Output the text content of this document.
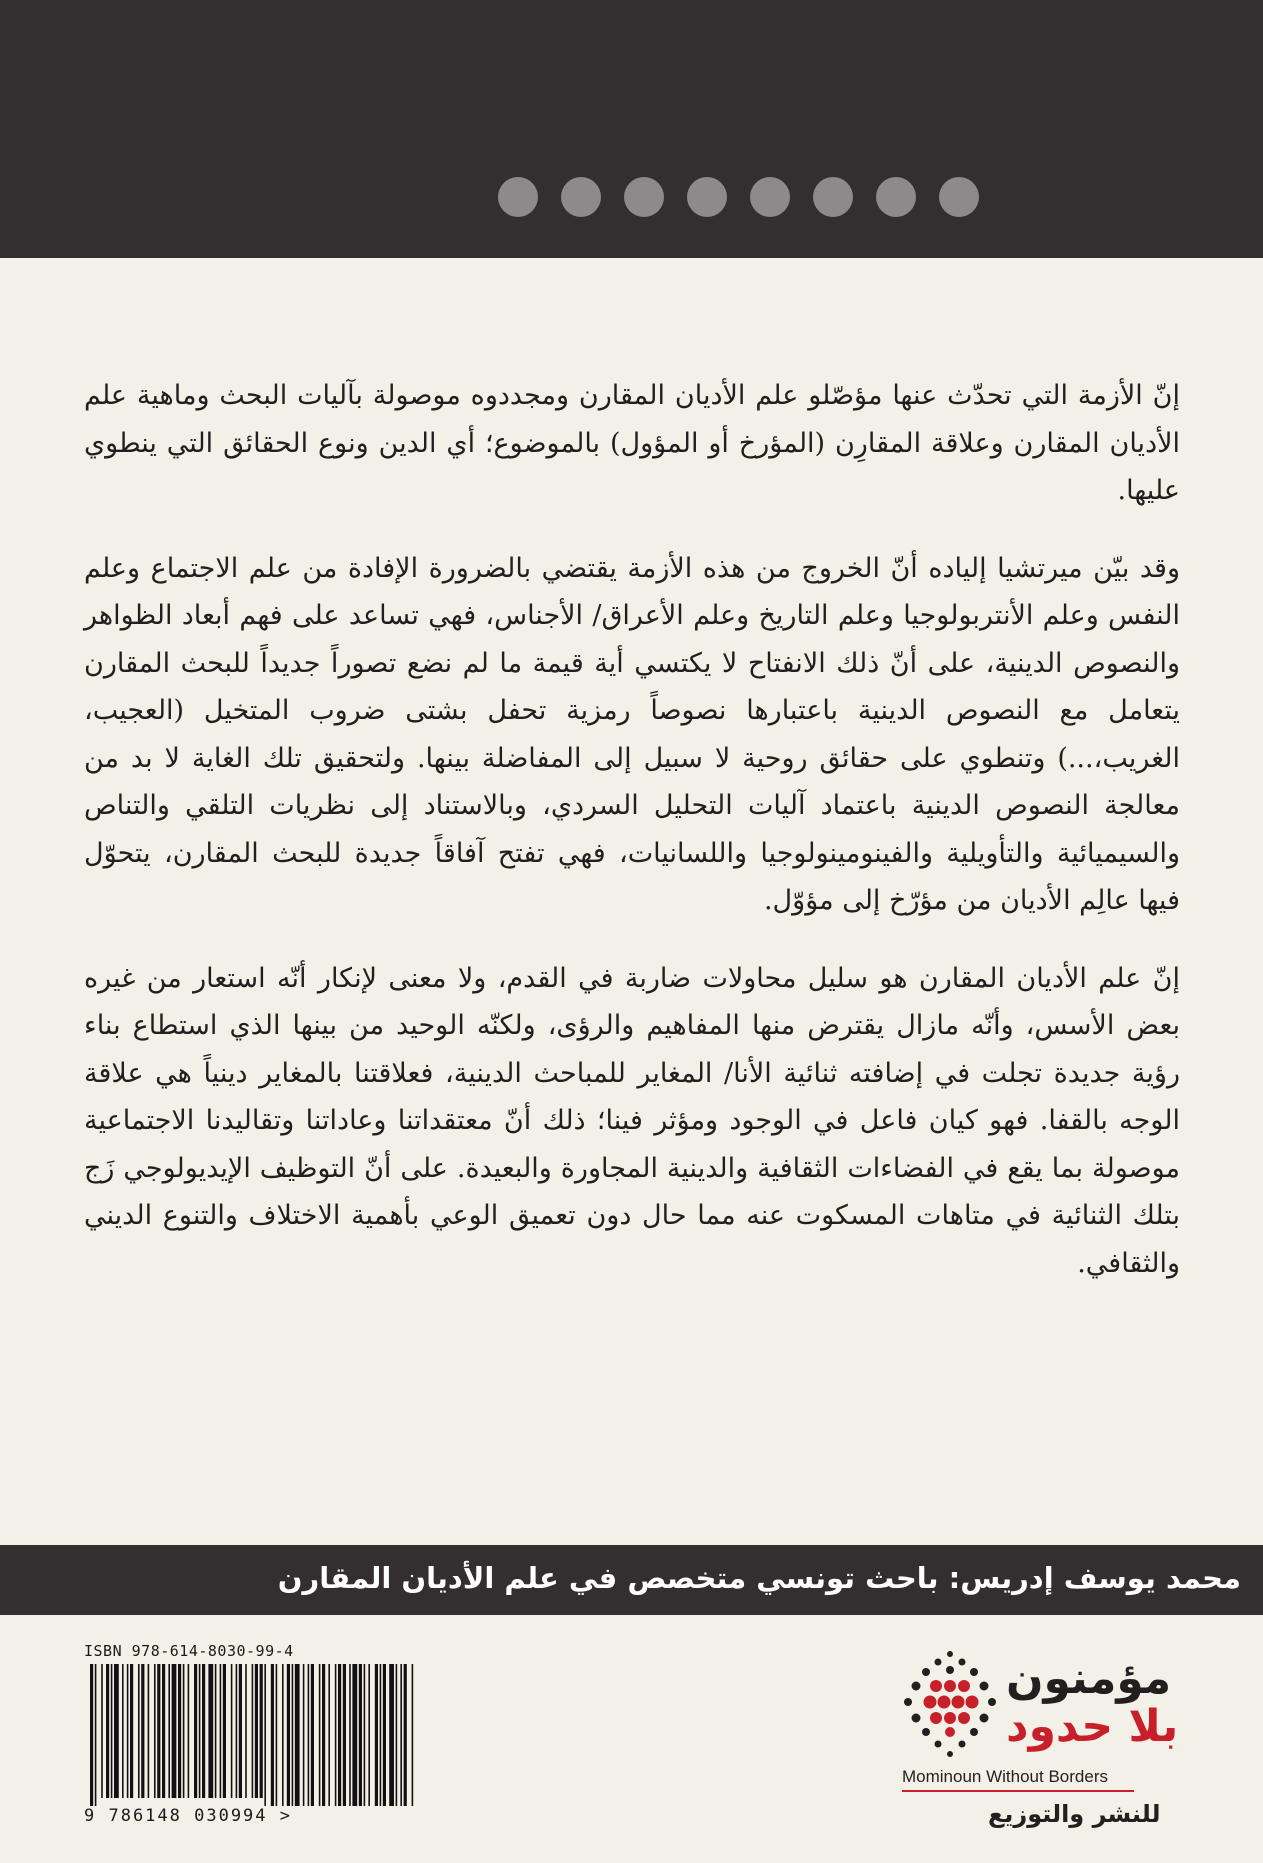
إنّ الأزمة التي تحدّث عنها مؤصّلو علم الأديان المقارن ومجددوه موصولة بآليات البحث وماهية علم الأديان المقارن وعلاقة المقارِن (المؤرخ أو المؤول) بالموضوع؛ أي الدين ونوع الحقائق التي ينطوي عليها.

وقد بيّن ميرتشيا إلياده أنّ الخروج من هذه الأزمة يقتضي بالضرورة الإفادة من علم الاجتماع وعلم النفس وعلم الأنتربولوجيا وعلم التاريخ وعلم الأعراق/ الأجناس، فهي تساعد على فهم أبعاد الظواهر والنصوص الدينية، على أنّ ذلك الانفتاح لا يكتسي أية قيمة ما لم نضع تصوراً جديداً للبحث المقارن يتعامل مع النصوص الدينية باعتبارها نصوصاً رمزية تحفل بشتى ضروب المتخيل (العجيب، الغريب،...) وتنطوي على حقائق روحية لا سبيل إلى المفاضلة بينها. ولتحقيق تلك الغاية لا بد من معالجة النصوص الدينية باعتماد آليات التحليل السردي، وبالاستناد إلى نظريات التلقي والتناص والسيميائية والتأويلية والفينومينولوجيا واللسانيات، فهي تفتح آفاقاً جديدة للبحث المقارن، يتحوّل فيها عالِم الأديان من مؤرّخ إلى مؤوّل.

إنّ علم الأديان المقارن هو سليل محاولات ضاربة في القدم، ولا معنى لإنكار أنّه استعار من غيره بعض الأسس، وأنّه مازال يقترض منها المفاهيم والرؤى، ولكنّه الوحيد من بينها الذي استطاع بناء رؤية جديدة تجلت في إضافته ثنائية الأنا/ المغاير للمباحث الدينية، فعلاقتنا بالمغاير دينياً هي علاقة الوجه بالقفا. فهو كيان فاعل في الوجود ومؤثر فينا؛ ذلك أنّ معتقداتنا وعاداتنا وتقاليدنا الاجتماعية موصولة بما يقع في الفضاءات الثقافية والدينية المجاورة والبعيدة. على أنّ التوظيف الإيديولوجي زَج بتلك الثنائية في متاهات المسكوت عنه مما حال دون تعميق الوعي بأهمية الاختلاف والتنوع الديني والثقافي.

محمد يوسف إدريس: باحث تونسي متخصص في علم الأديان المقارن
ISBN 978-614-8030-99-4
9 786148 030994 >
مؤمنون
بلا حدود
Mominoun Without Borders
للنشر والتوزيع
